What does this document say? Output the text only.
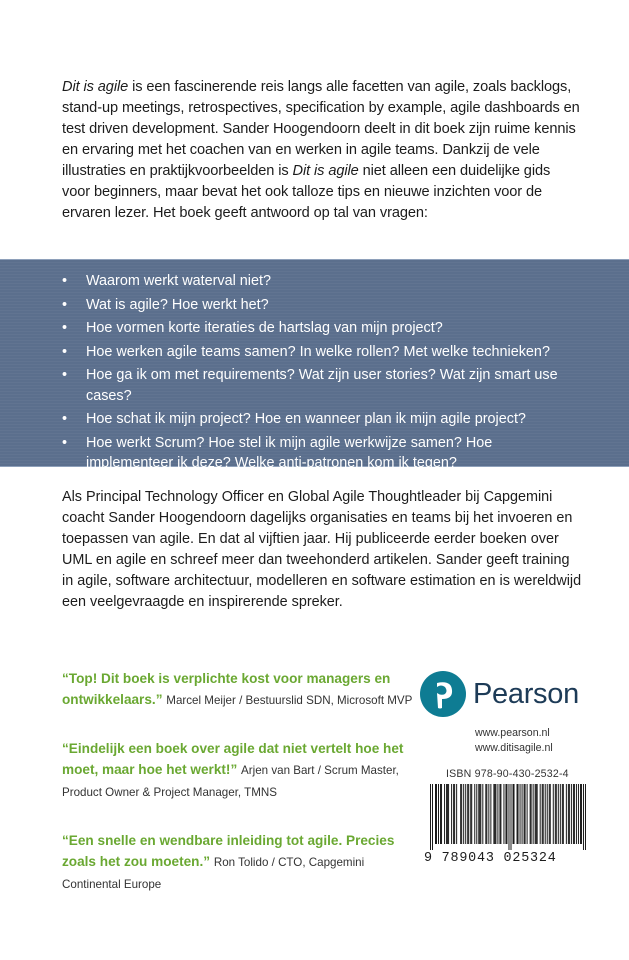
Dit is agile is een fascinerende reis langs alle facetten van agile, zoals backlogs, stand-up meetings, retrospectives, specification by example, agile dashboards en test driven development. Sander Hoogendoorn deelt in dit boek zijn ruime kennis en ervaring met het coachen van en werken in agile teams. Dankzij de vele illustraties en praktijkvoorbeelden is Dit is agile niet alleen een duidelijke gids voor beginners, maar bevat het ook talloze tips en nieuwe inzichten voor de ervaren lezer. Het boek geeft antwoord op tal van vragen:

•	Waarom werkt waterval niet?
•	Wat is agile? Hoe werkt het?
•	Hoe vormen korte iteraties de hartslag van mijn project?
•	Hoe werken agile teams samen? In welke rollen? Met welke technieken?
•	Hoe ga ik om met requirements? Wat zijn user stories? Wat zijn smart use cases?
•	Hoe schat ik mijn project? Hoe en wanneer plan ik mijn agile project?
•	Hoe werkt Scrum? Hoe stel ik mijn agile werkwijze samen? Hoe implementeer ik deze? Welke anti-patronen kom ik tegen?

Als Principal Technology Officer en Global Agile Thoughtleader bij Capgemini coacht Sander Hoogendoorn dagelijks organisaties en teams bij het invoeren en toepassen van agile. En dat al vijftien jaar. Hij publiceerde eerder boeken over UML en agile en schreef meer dan tweehonderd artikelen. Sander geeft training in agile, software architectuur, modelleren en software estimation en is wereldwijd een veelgevraagde en inspirerende spreker.

“Top! Dit boek is verplichte kost voor managers en ontwikkelaars.” Marcel Meijer / Bestuurslid SDN, Microsoft MVP

“Eindelijk een boek over agile dat niet vertelt hoe het moet, maar hoe het werkt!” Arjen van Bart / Scrum Master, Product Owner & Project Manager, TMNS

“Een snelle en wendbare inleiding tot agile. Precies zoals het zou moeten.” Ron Tolido / CTO, Capgemini Continental Europe

Pearson
www.pearson.nl
www.ditisagile.nl
ISBN 978-90-430-2532-4
9 789043 025324
